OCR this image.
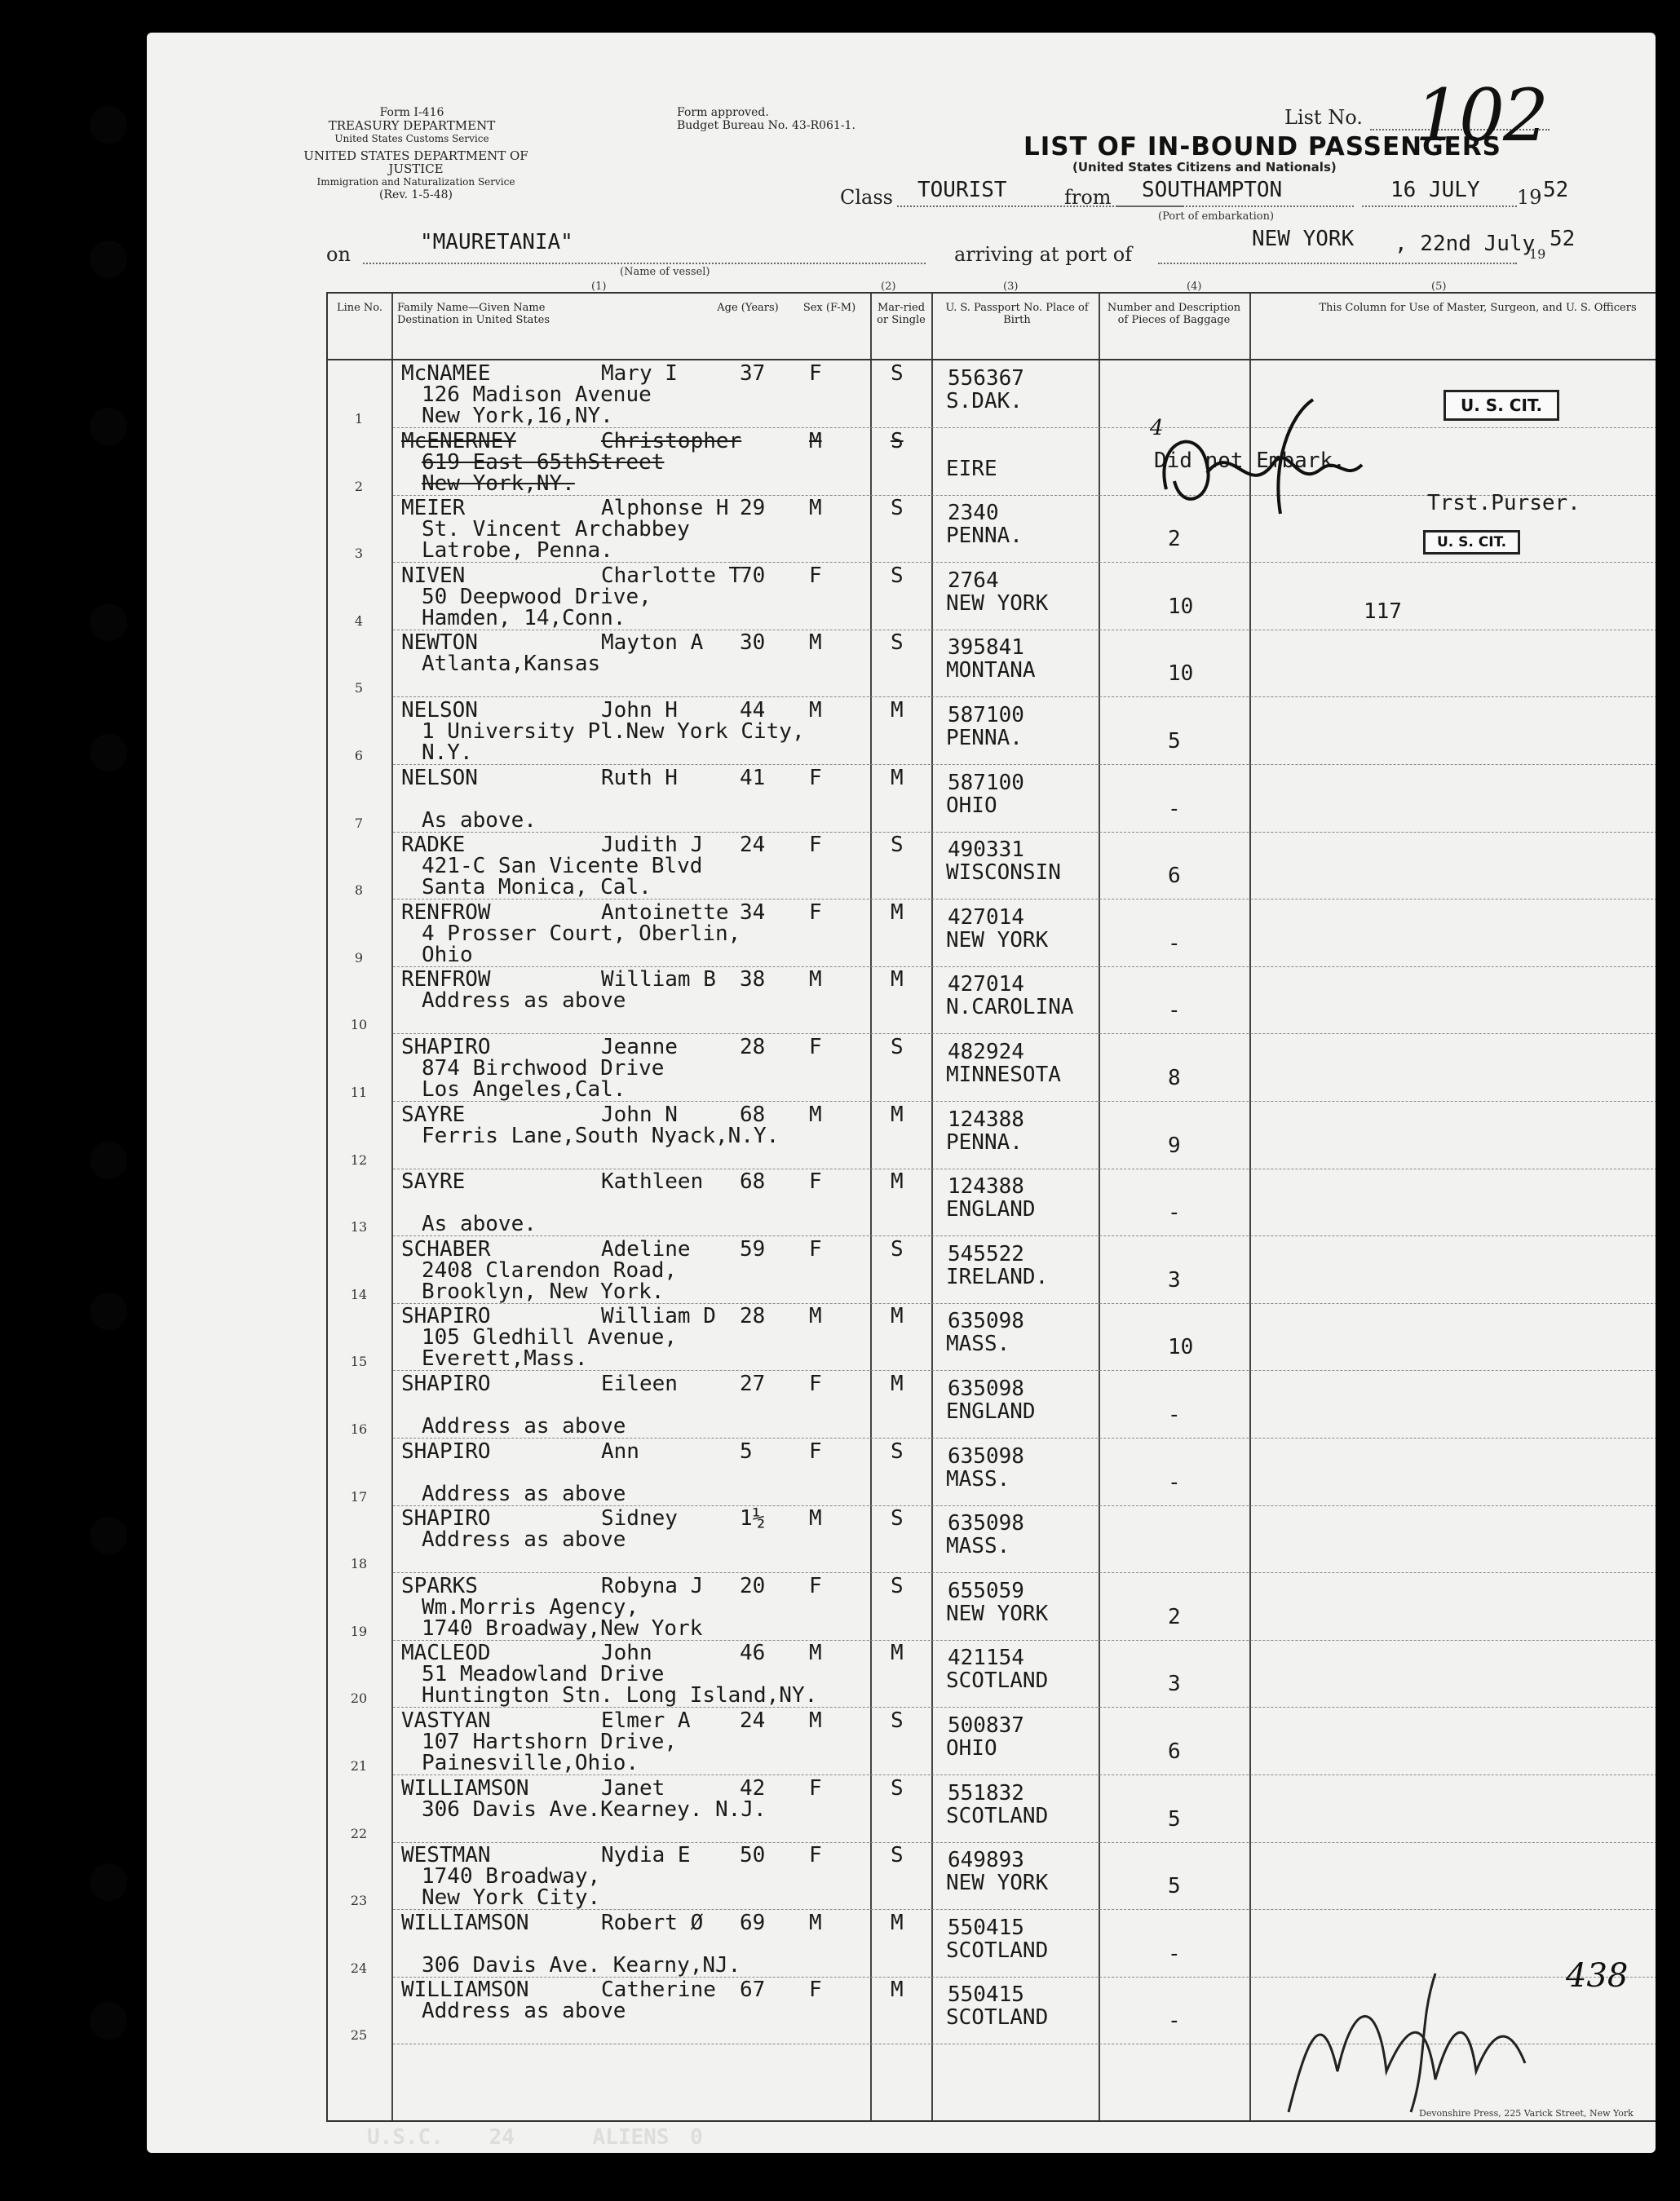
Form I-416
TREASURY DEPARTMENT
United States Customs Service
UNITED STATES DEPARTMENT OF JUSTICE
Immigration and Naturalization Service
(Rev. 1-5-48)
Form approved.
Budget Bureau No. 43-R061-1.	List No. 102
LIST OF IN-BOUND PASSENGERS
(United States Citizens and Nationals)
Class TOURIST	from SOUTHAMPTON
(Port of embarkation)
16 JULY 19 52
on	"MAURETANIA"
(Name of vessel)
arriving at port of
NEW YORK , 22nd July
19
52
(1)	(2)	(3)	(4)	(5)
Line No.	Family Name—Given Name
Destination in United States
Age (Years)	Sex (F-M)	Mar-ried or Single
U. S. Passport No. Place of Birth
Number and Description of Pieces of Baggage
This Column for Use of Master, Surgeon, and U. S. Officers
1
McNAMEE	Mary I
126 Madison Avenue
New York,16,NY.
37 F	S 556367
S.DAK.
2
McENERNEY	Christopher
619 East 65thStreet
New York,NY.
M	S
EIRE
3
MEIER	Alphonse H
St. Vincent Archabbey
Latrobe, Penna.
29 M	S 2340
PENNA.	2
4
NIVEN	Charlotte T
50 Deepwood Drive,
Hamden, 14,Conn.
70 F	S 2764
NEW YORK	10
5
NEWTON	Mayton A
Atlanta,Kansas
30 M	S 395841
MONTANA	10
6
NELSON	John H
1 University Pl.New York City,
N.Y.
44 M	M 587100
PENNA.	5
7
NELSON	Ruth H
As above.
41 F	M 587100
OHIO	-
8
RADKE	Judith J
421-C San Vicente Blvd
Santa Monica, Cal.
24 F	S 490331
WISCONSIN	6
9
RENFROW	Antoinette
4 Prosser Court, Oberlin,
Ohio
34 F	M 427014
NEW YORK	-
10
RENFROW	William B
Address as above
38 M	M 427014
N.CAROLINA	-
11
SHAPIRO	Jeanne
874 Birchwood Drive
Los Angeles,Cal.
28 F	S 482924
MINNESOTA	8
12
SAYRE	John N
Ferris Lane,South Nyack,N.Y.
68 M	M 124388
PENNA.	9
13
SAYRE	Kathleen
As above.
68 F	M 124388
ENGLAND	-
14
SCHABER	Adeline
2408 Clarendon Road,
Brooklyn, New York.
59 F	S 545522
IRELAND.	3
15
SHAPIRO	William D
105 Gledhill Avenue,
Everett,Mass.
28 M	M 635098
MASS.	10
16
SHAPIRO	Eileen
Address as above
27 F	M 635098
ENGLAND	-
17
SHAPIRO	Ann
Address as above
5	F	S 635098
MASS.	-
18
SHAPIRO	Sidney
Address as above
1½ M	S 635098
MASS.
19
SPARKS	Robyna J
Wm.Morris Agency,
1740 Broadway,New York
20 F	S 655059
NEW YORK	2
20
MACLEOD	John
51 Meadowland Drive
Huntington Stn. Long Island,NY.
46 M	M 421154
SCOTLAND	3
21
VASTYAN	Elmer A
107 Hartshorn Drive,
Painesville,Ohio.
24 M	S 500837
OHIO	6
22
WILLIAMSON	Janet
306 Davis Ave.Kearney. N.J.
42 F	S 551832
SCOTLAND	5
23
WESTMAN	Nydia E
1740 Broadway,
New York City.
50 F	S 649893
NEW YORK	5
24
WILLIAMSON	Robert Ø
306 Davis Ave. Kearny,NJ.
69 M	M 550415
SCOTLAND	-
25
WILLIAMSON	Catherine
Address as above
67 F	M 550415
SCOTLAND	-
U. S. CIT.
U. S. CIT.
Did not Embark.
Trst.Purser.
117
4
438
U.S.C. 24	ALIENS 0
Devonshire Press, 225 Varick Street, New York
